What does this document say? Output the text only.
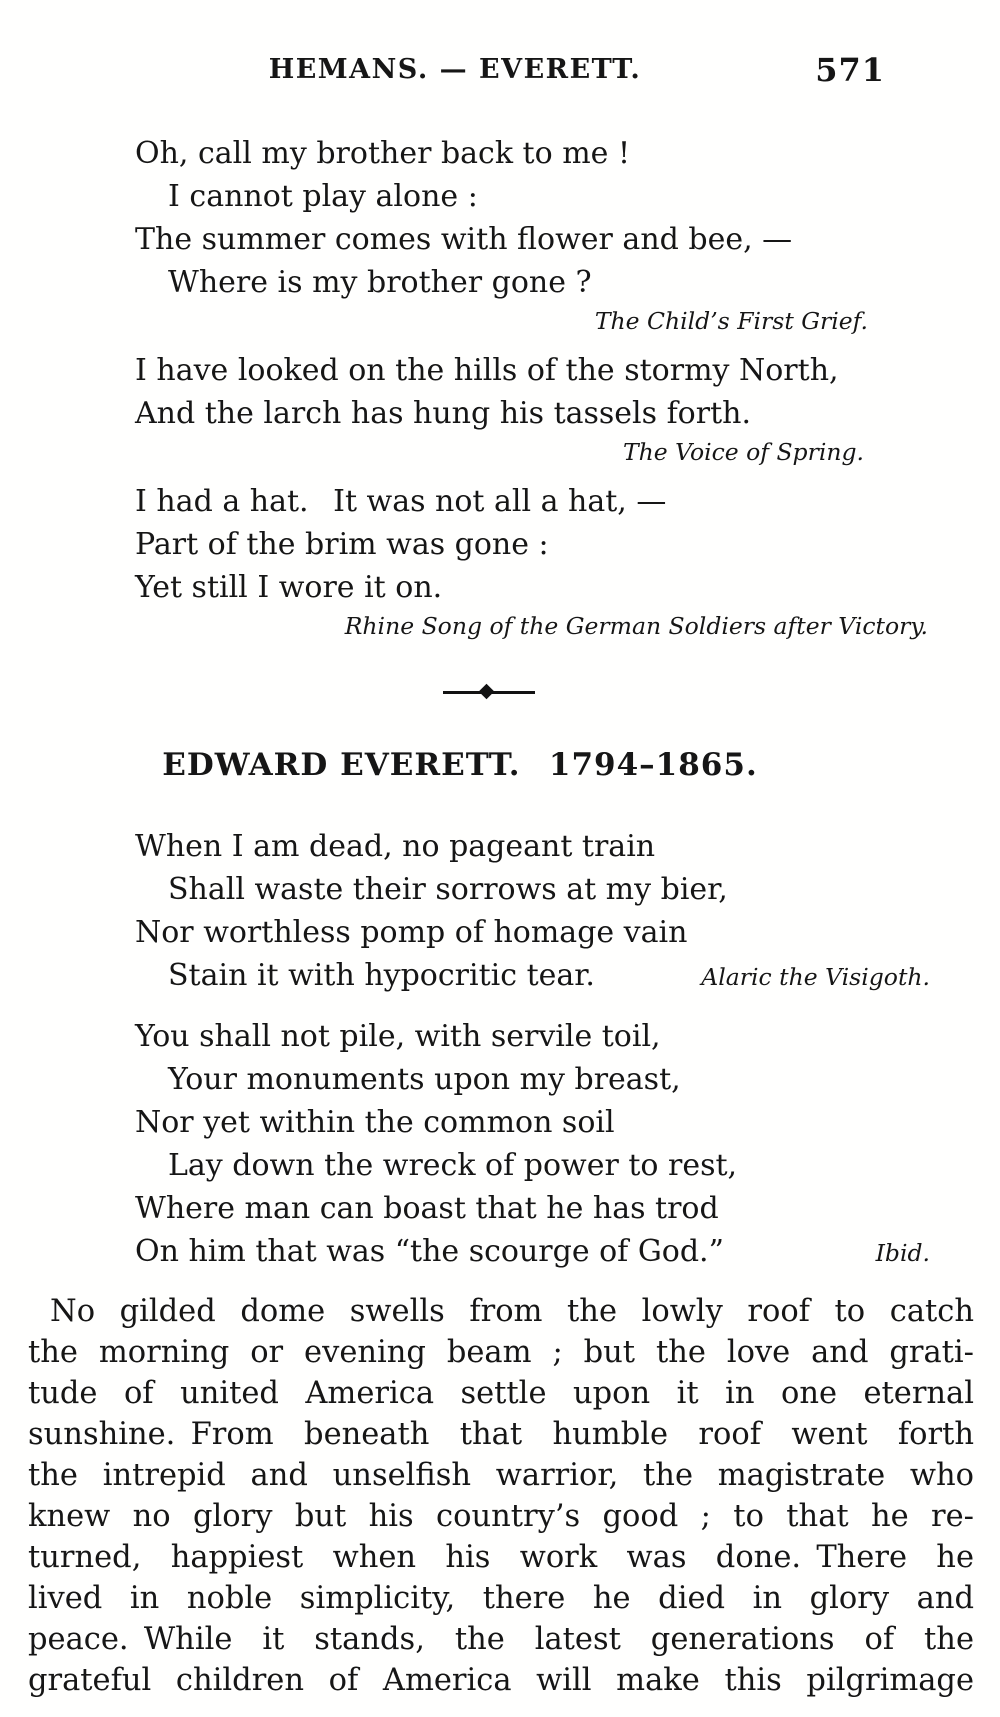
HEMANS. — EVERETT.	571
Oh, call my brother back to me !
I cannot play alone :
The summer comes with flower and bee, —
Where is my brother gone ?
The Child’s First Grief.
I have looked on the hills of the stormy North,
And the larch has hung his tassels forth.
The Voice of Spring.
I had a hat.  It was not all a hat, —
Part of the brim was gone :
Yet still I wore it on.
Rhine Song of the German Soldiers after Victory.
EDWARD EVERETT.  1794–1865.
When I am dead, no pageant train
Shall waste their sorrows at my bier,
Nor worthless pomp of homage vain
Stain it with hypocritic tear.	Alaric the Visigoth.
You shall not pile, with servile toil,
Your monuments upon my breast,
Nor yet within the common soil
Lay down the wreck of power to rest,
Where man can boast that he has trod
On him that was “the scourge of God.”	Ibid.
No gilded dome swells from the lowly roof to catch
the morning or evening beam ; but the love and grati-
tude of united America settle upon it in one eternal
sunshine. From beneath that humble roof went forth
the intrepid and unselfish warrior, the magistrate who
knew no glory but his country’s good ; to that he re-
turned, happiest when his work was done. There he
lived in noble simplicity, there he died in glory and
peace. While it stands, the latest generations of the
grateful children of America will make this pilgrimage
